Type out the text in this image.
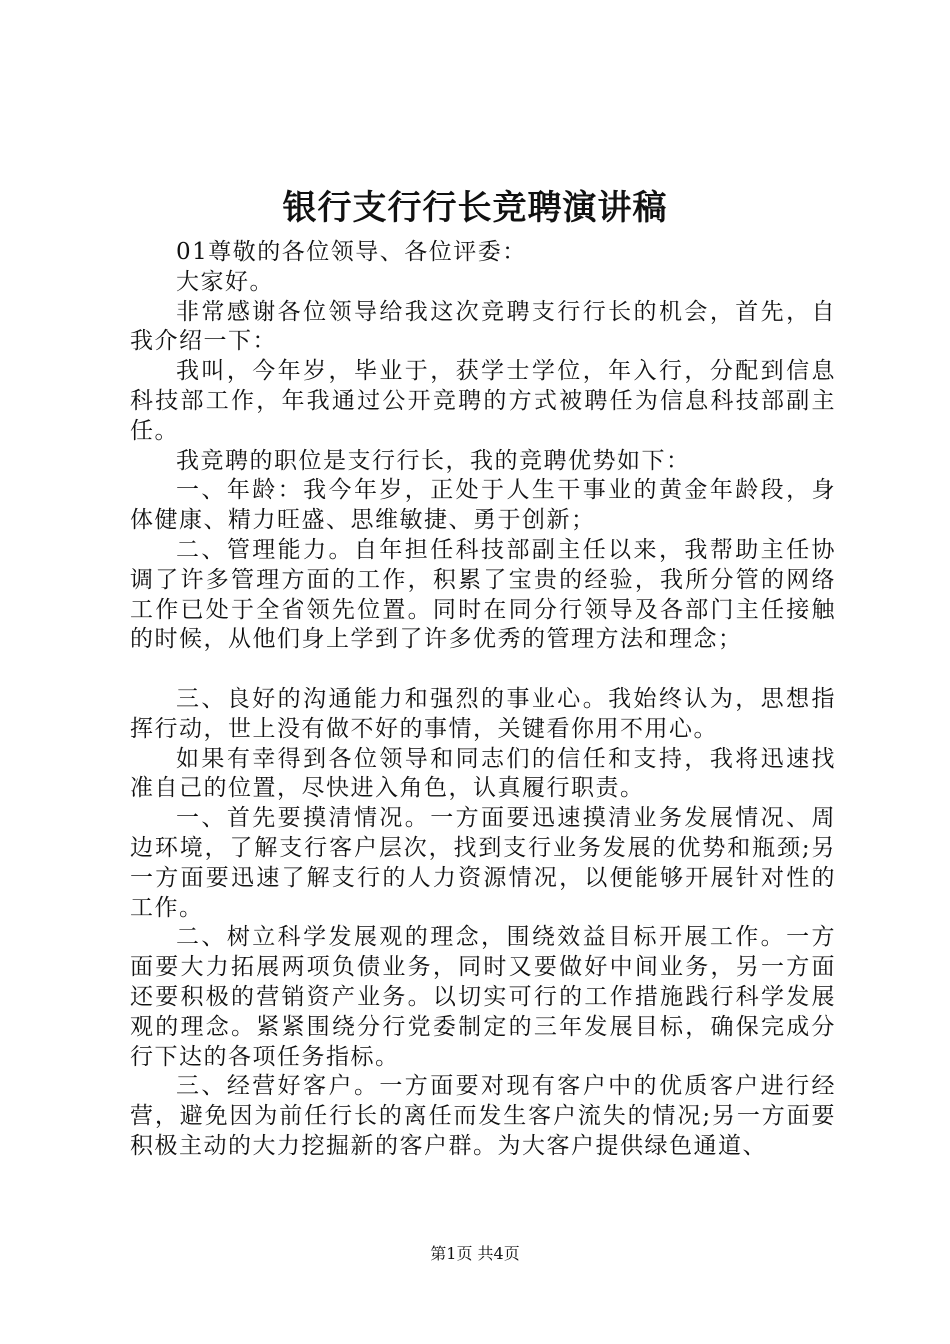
银行支行行长竞聘演讲稿

01尊敬的各位领导、各位评委：

大家好。

非常感谢各位领导给我这次竞聘支行行长的机会，首先，自我介绍一下：

我叫，今年岁，毕业于，获学士学位，年入行，分配到信息科技部工作，年我通过公开竞聘的方式被聘任为信息科技部副主任。

我竞聘的职位是支行行长，我的竞聘优势如下：

一、年龄：我今年岁，正处于人生干事业的黄金年龄段，身体健康、精力旺盛、思维敏捷、勇于创新；

二、管理能力。自年担任科技部副主任以来，我帮助主任协调了许多管理方面的工作，积累了宝贵的经验，我所分管的网络工作已处于全省领先位置。同时在同分行领导及各部门主任接触的时候，从他们身上学到了许多优秀的管理方法和理念；

三、良好的沟通能力和强烈的事业心。我始终认为，思想指挥行动，世上没有做不好的事情，关键看你用不用心。

如果有幸得到各位领导和同志们的信任和支持，我将迅速找准自己的位置，尽快进入角色，认真履行职责。

一、首先要摸清情况。一方面要迅速摸清业务发展情况、周边环境，了解支行客户层次，找到支行业务发展的优势和瓶颈;另一方面要迅速了解支行的人力资源情况，以便能够开展针对性的工作。

二、树立科学发展观的理念，围绕效益目标开展工作。一方面要大力拓展两项负债业务，同时又要做好中间业务，另一方面还要积极的营销资产业务。以切实可行的工作措施践行科学发展观的理念。紧紧围绕分行党委制定的三年发展目标，确保完成分行下达的各项任务指标。

三、经营好客户。一方面要对现有客户中的优质客户进行经营，避免因为前任行长的离任而发生客户流失的情况;另一方面要积极主动的大力挖掘新的客户群。为大客户提供绿色通道、

第1页 共4页
